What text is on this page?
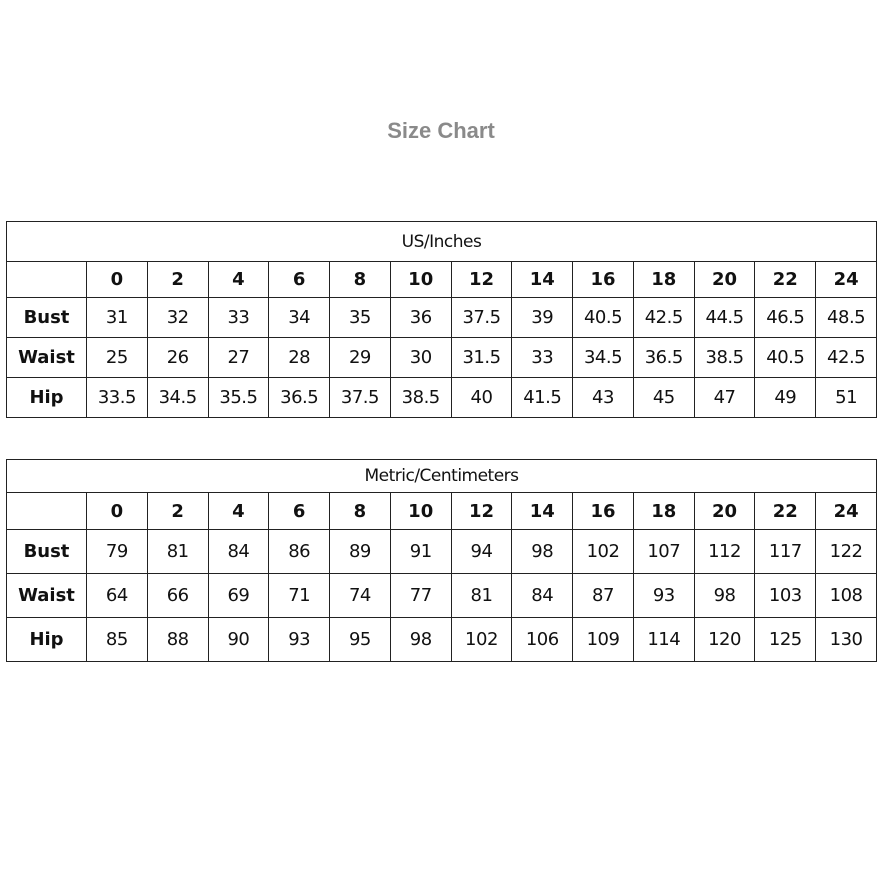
Size Chart
US/Inches													
	0	2	4	6	8	10	12	14	16	18	20	22	24
Bust	31	32	33	34	35	36	37.5	39	40.5	42.5	44.5	46.5	48.5
Waist	25	26	27	28	29	30	31.5	33	34.5	36.5	38.5	40.5	42.5
Hip	33.5	34.5	35.5	36.5	37.5	38.5	40	41.5	43	45	47	49	51
Metric/Centimeters													
	0	2	4	6	8	10	12	14	16	18	20	22	24
Bust	79	81	84	86	89	91	94	98	102	107	112	117	122
Waist	64	66	69	71	74	77	81	84	87	93	98	103	108
Hip	85	88	90	93	95	98	102	106	109	114	120	125	130
